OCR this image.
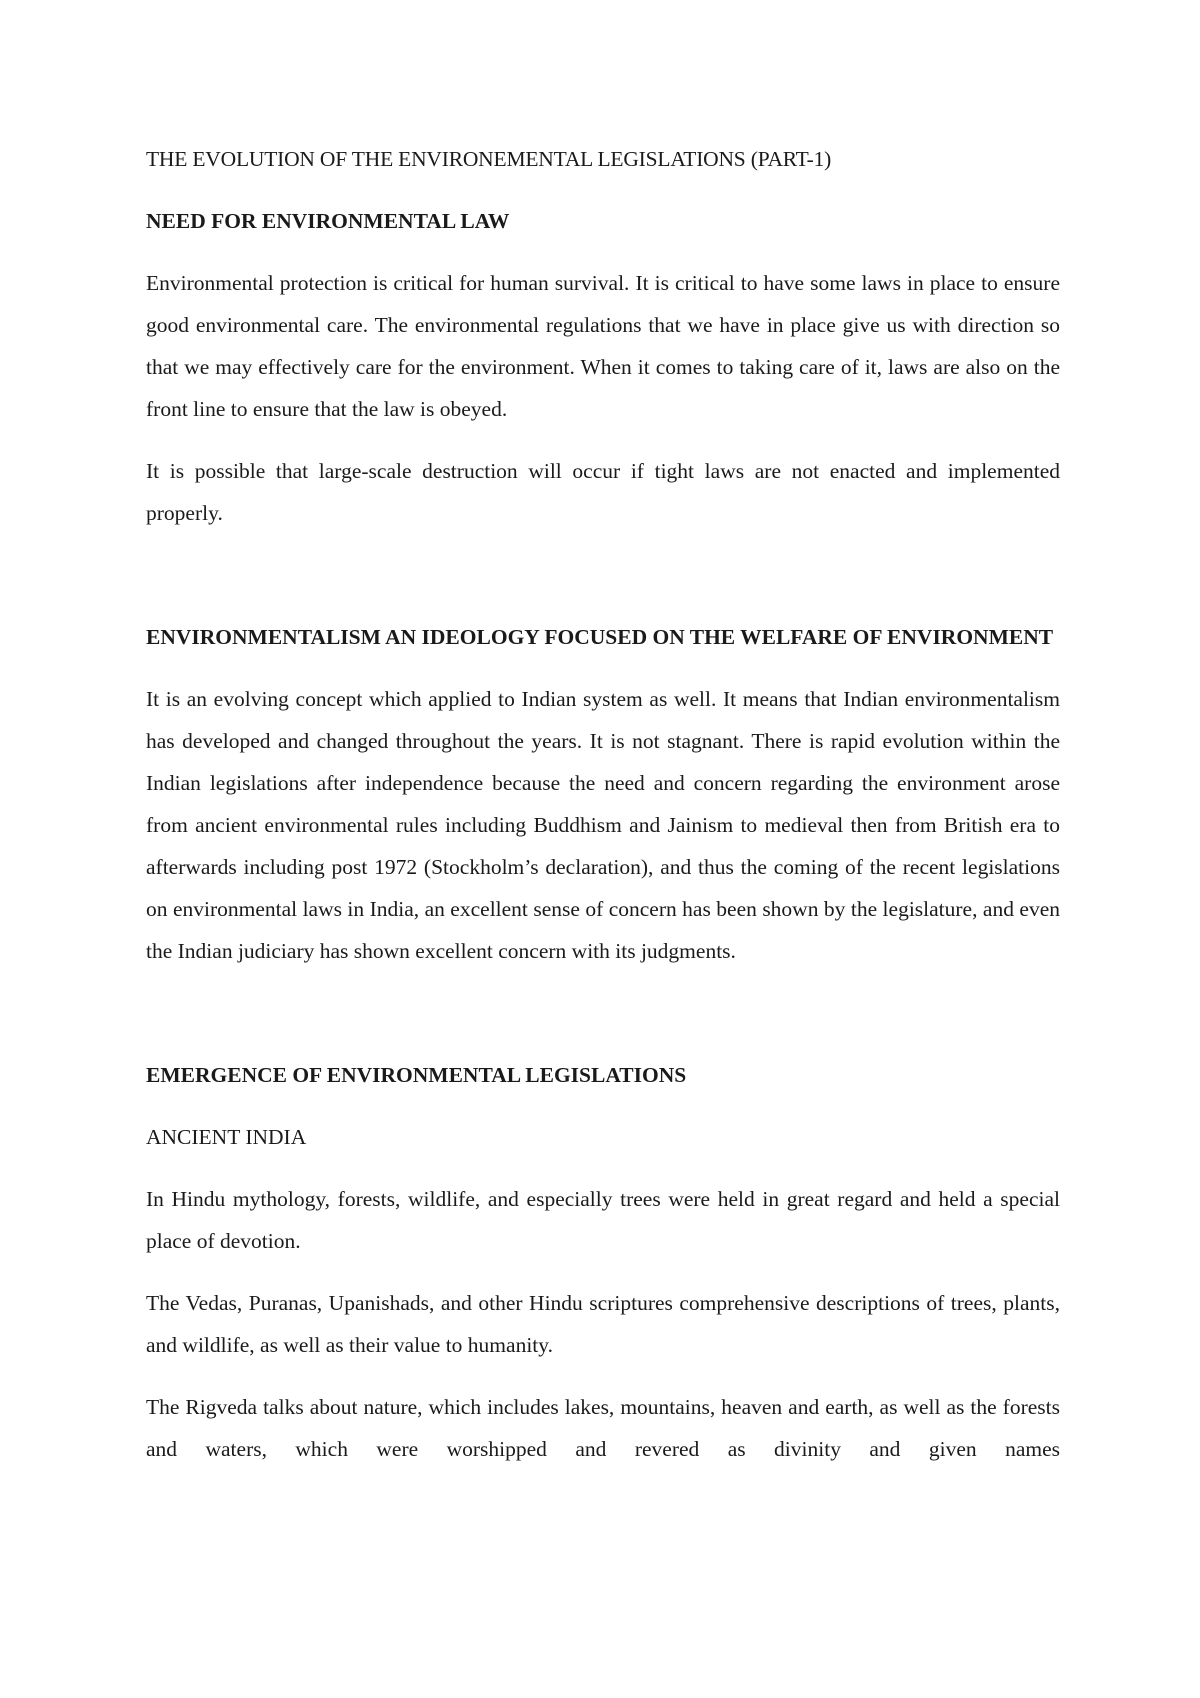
THE EVOLUTION OF THE ENVIRONEMENTAL LEGISLATIONS (PART-1)

NEED FOR ENVIRONMENTAL LAW

Environmental protection is critical for human survival. It is critical to have some laws in place to ensure good environmental care. The environmental regulations that we have in place give us with direction so that we may effectively care for the environment. When it comes to taking care of it, laws are also on the front line to ensure that the law is obeyed.

It is possible that large-scale destruction will occur if tight laws are not enacted and implemented properly.

ENVIRONMENTALISM AN IDEOLOGY FOCUSED ON THE WELFARE OF ENVIRONMENT

It is an evolving concept which applied to Indian system as well. It means that Indian environmentalism has developed and changed throughout the years. It is not stagnant. There is rapid evolution within the Indian legislations after independence because the need and concern regarding the environment arose from ancient environmental rules including Buddhism and Jainism to medieval then from British era to afterwards including post 1972 (Stockholm’s declaration), and thus the coming of the recent legislations on environmental laws in India, an excellent sense of concern has been shown by the legislature, and even the Indian judiciary has shown excellent concern with its judgments.

EMERGENCE OF ENVIRONMENTAL LEGISLATIONS

ANCIENT INDIA

In Hindu mythology, forests, wildlife, and especially trees were held in great regard and held a special place of devotion.

The Vedas, Puranas, Upanishads, and other Hindu scriptures comprehensive descriptions of trees, plants, and wildlife, as well as their value to humanity.

The Rigveda talks about nature, which includes lakes, mountains, heaven and earth, as well as the forests and waters, which were worshipped and revered as divinity and given names
